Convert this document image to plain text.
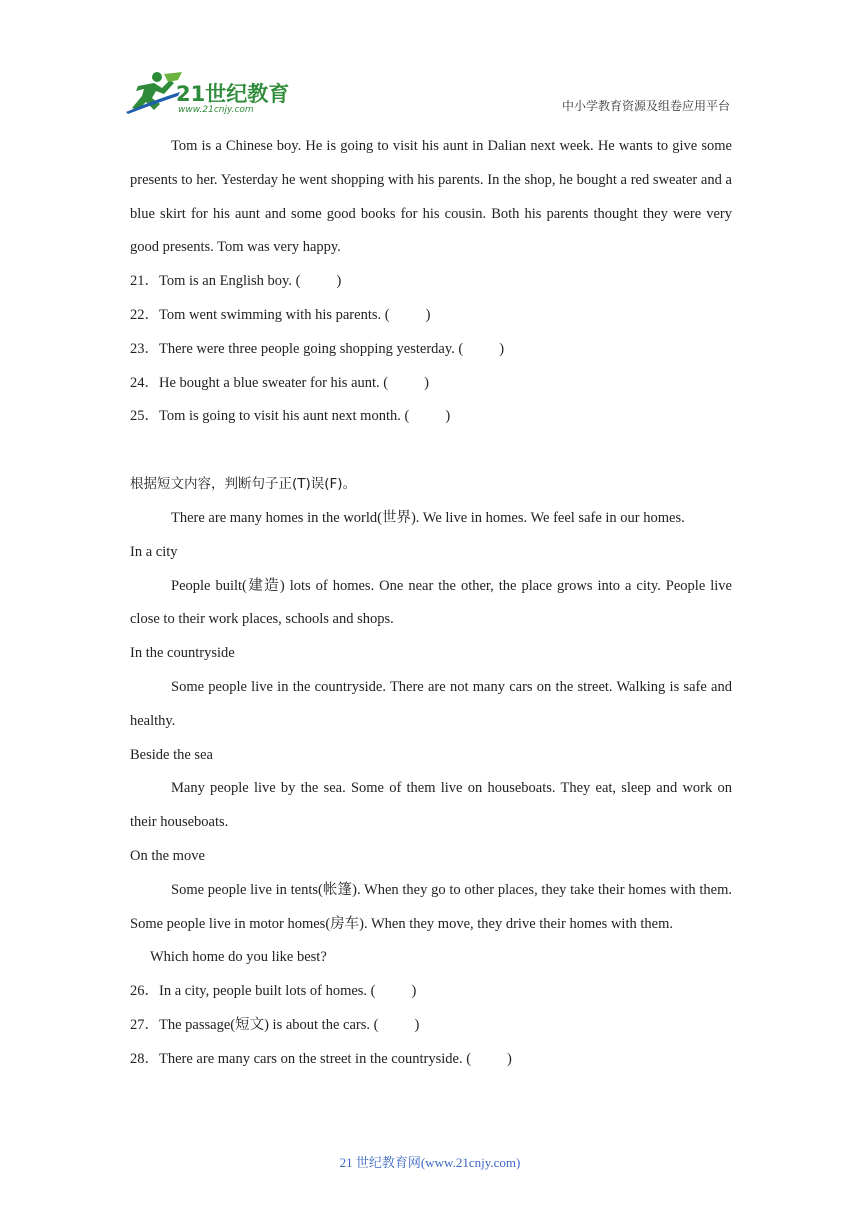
21世纪教育
www.21cnjy.com	中小学教育资源及组卷应用平台

Tom is a Chinese boy. He is going to visit his aunt in Dalian next week. He wants to give some presents to her. Yesterday he went shopping with his parents. In the shop, he bought a red sweater and a blue skirt for his aunt and some good books for his cousin. Both his parents thought they were very good presents. Tom was very happy.

21．Tom is an English boy. ( )

22．Tom went swimming with his parents. ( )

23．There were three people going shopping yesterday. ( )

24．He bought a blue sweater for his aunt. ( )

25．Tom is going to visit his aunt next month. ( )

根据短文内容，判断句子正(T)误(F)。

There are many homes in the world(世界). We live in homes. We feel safe in our homes.

In a city

People built(建造) lots of homes. One near the other, the place grows into a city. People live close to their work places, schools and shops.

In the countryside

Some people live in the countryside. There are not many cars on the street. Walking is safe and healthy.

Beside the sea

Many people live by the sea. Some of them live on houseboats. They eat, sleep and work on their houseboats.

On the move

Some people live in tents(帐篷). When they go to other places, they take their homes with them. Some people live in motor homes(房车). When they move, they drive their homes with them.

Which home do you like best?

26．In a city, people built lots of homes. ( )

27．The passage(短文) is about the cars. ( )

28．There are many cars on the street in the countryside. ( )

21 世纪教育网(www.21cnjy.com)
